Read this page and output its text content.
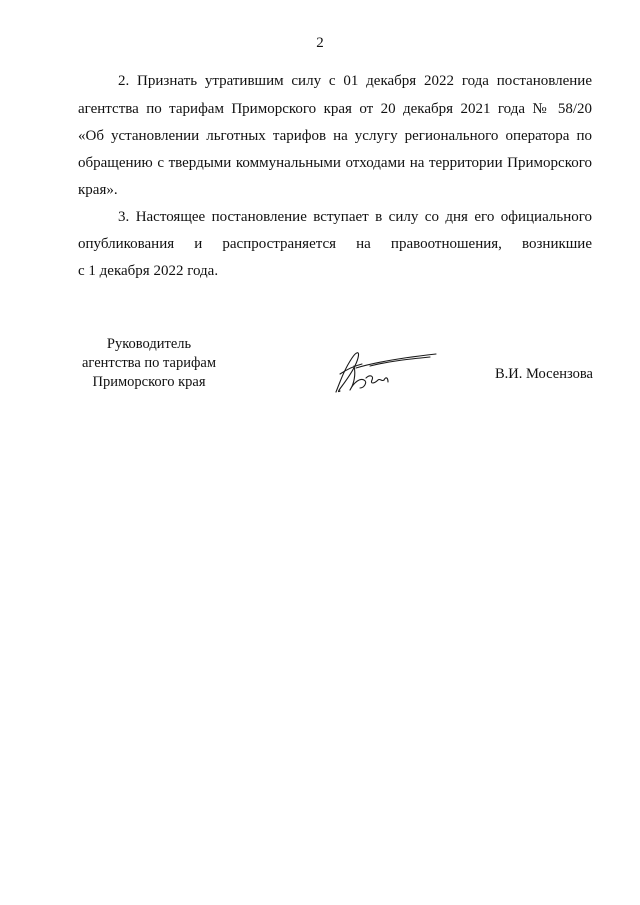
2
2. Признать утратившим силу с 01 декабря 2022 года постановление
агентства по тарифам Приморского края от 20 декабря 2021 года № 58/20
«Об установлении льготных тарифов на услугу регионального оператора по
обращению с твердыми коммунальными отходами на территории Приморского
края».
3. Настоящее постановление вступает в силу со дня его официального
опубликования и распространяется на правоотношения, возникшие
с 1 декабря 2022 года.
Руководитель
агентства по тарифам
Приморского края	В.И. Мосензова
